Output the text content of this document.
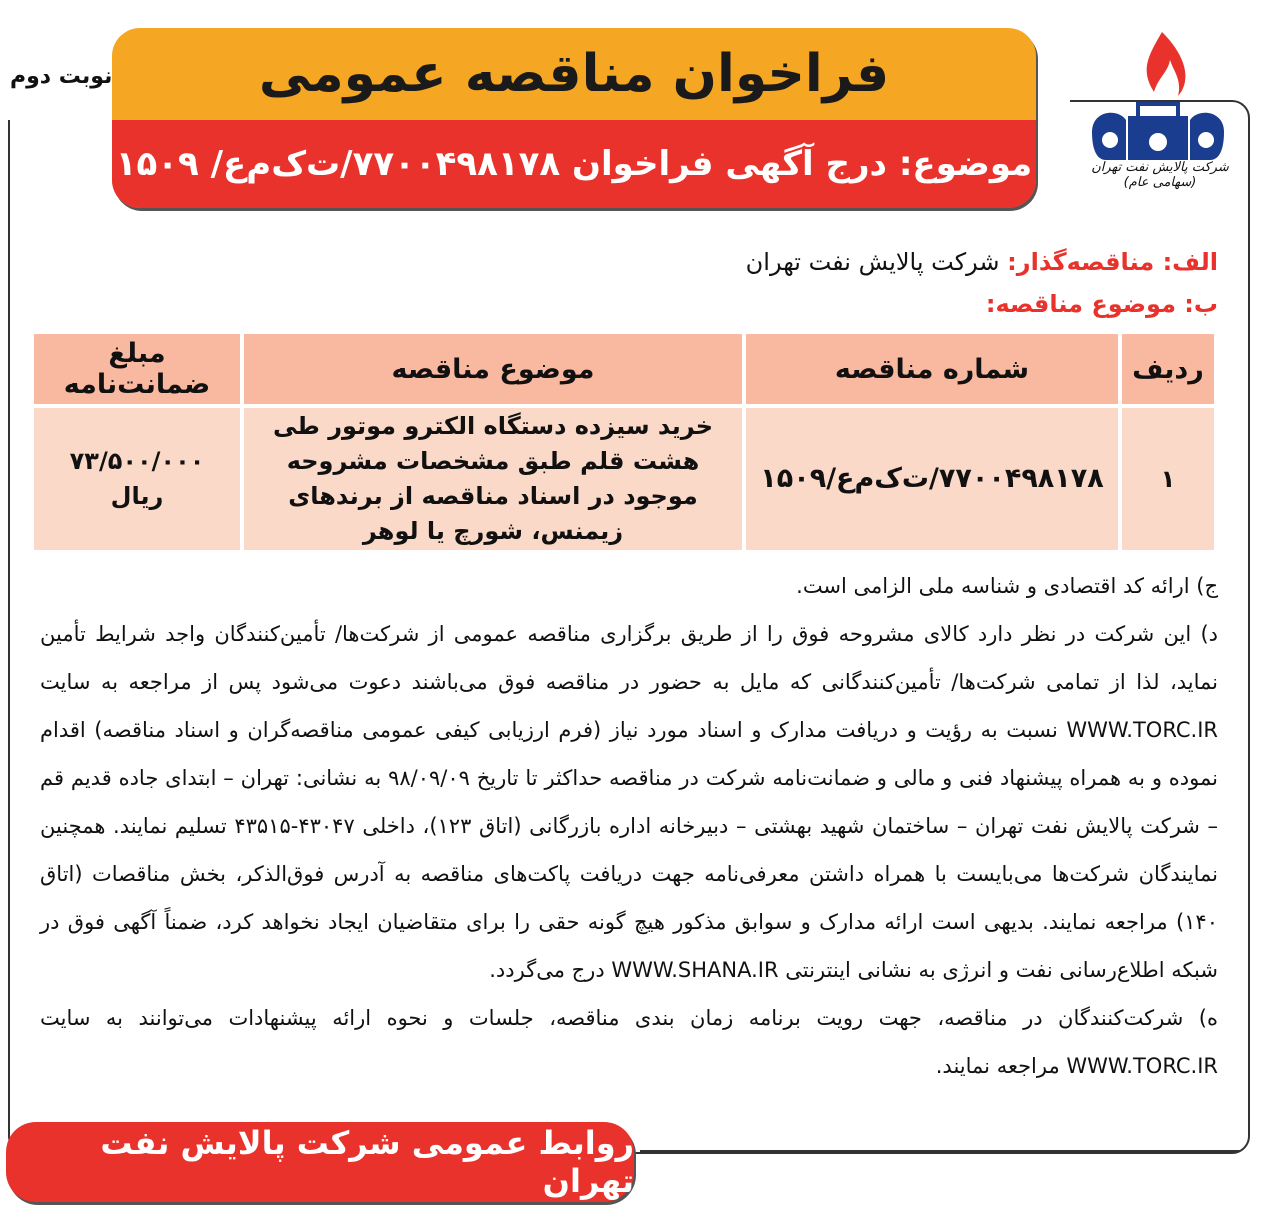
نوبت دوم	فراخوان مناقصه عمومی
موضوع: درج آگهی فراخوان ۷۷۰۰۴۹۸۱۷۸/ت‌ک‌م‌ع/ ۱۵۰۹	شرکت پالایش نفت تهران (سهامی عام)
الف: مناقصه‌گذار: شرکت پالایش نفت تهران
ب: موضوع مناقصه:
ردیف	شماره مناقصه	موضوع مناقصه	مبلغ ضمانت‌نامه
۱	۷۷۰۰۴۹۸۱۷۸/ت‌ک‌م‌ع/۱۵۰۹	خرید سیزده دستگاه الکترو موتور طی هشت قلم طبق مشخصات مشروحه موجود در اسناد مناقصه از برندهای زیمنس، شورچ یا لوهر	۷۳/۵۰۰/۰۰۰
ریال

ج) ارائه کد اقتصادی و شناسه ملی الزامی است.

د) این شرکت در نظر دارد کالای مشروحه فوق را از طریق برگزاری مناقصه عمومی از شرکت‌ها/ تأمین‌کنندگان واجد شرایط تأمین نماید، لذا از تمامی شرکت‌ها/ تأمین‌کنندگانی که مایل به حضور در مناقصه فوق می‌باشند دعوت می‌شود پس از مراجعه به سایت WWW.TORC.IR نسبت به رؤیت و دریافت مدارک و اسناد مورد نیاز (فرم ارزیابی کیفی عمومی مناقصه‌گران و اسناد مناقصه) اقدام نموده و به همراه پیشنهاد فنی و مالی و ضمانت‌نامه شرکت در مناقصه حداکثر تا تاریخ ۹۸/۰۹/۰۹ به نشانی: تهران – ابتدای جاده قدیم قم – شرکت پالایش نفت تهران – ساختمان شهید بهشتی – دبیرخانه اداره بازرگانی (اتاق ۱۲۳)، داخلی ۴۳۰۴۷-۴۳۵۱۵ تسلیم نمایند. همچنین نمایندگان شرکت‌ها می‌بایست با همراه داشتن معرفی‌نامه جهت دریافت پاکت‌های مناقصه به آدرس فوق‌الذکر، بخش مناقصات (اتاق ۱۴۰) مراجعه نمایند. بدیهی است ارائه مدارک و سوابق مذکور هیچ گونه حقی را برای متقاضیان ایجاد نخواهد کرد، ضمناً آگهی فوق در شبکه اطلاع‌رسانی نفت و انرژی به نشانی اینترنتی WWW.SHANA.IR درج می‌گردد.

ه) شرکت‌کنندگان در مناقصه، جهت رویت برنامه زمان بندی مناقصه، جلسات و نحوه ارائه پیشنهادات می‌توانند به سایت WWW.TORC.IR مراجعه نمایند.

روابط عمومی شرکت پالایش نفت تهران
